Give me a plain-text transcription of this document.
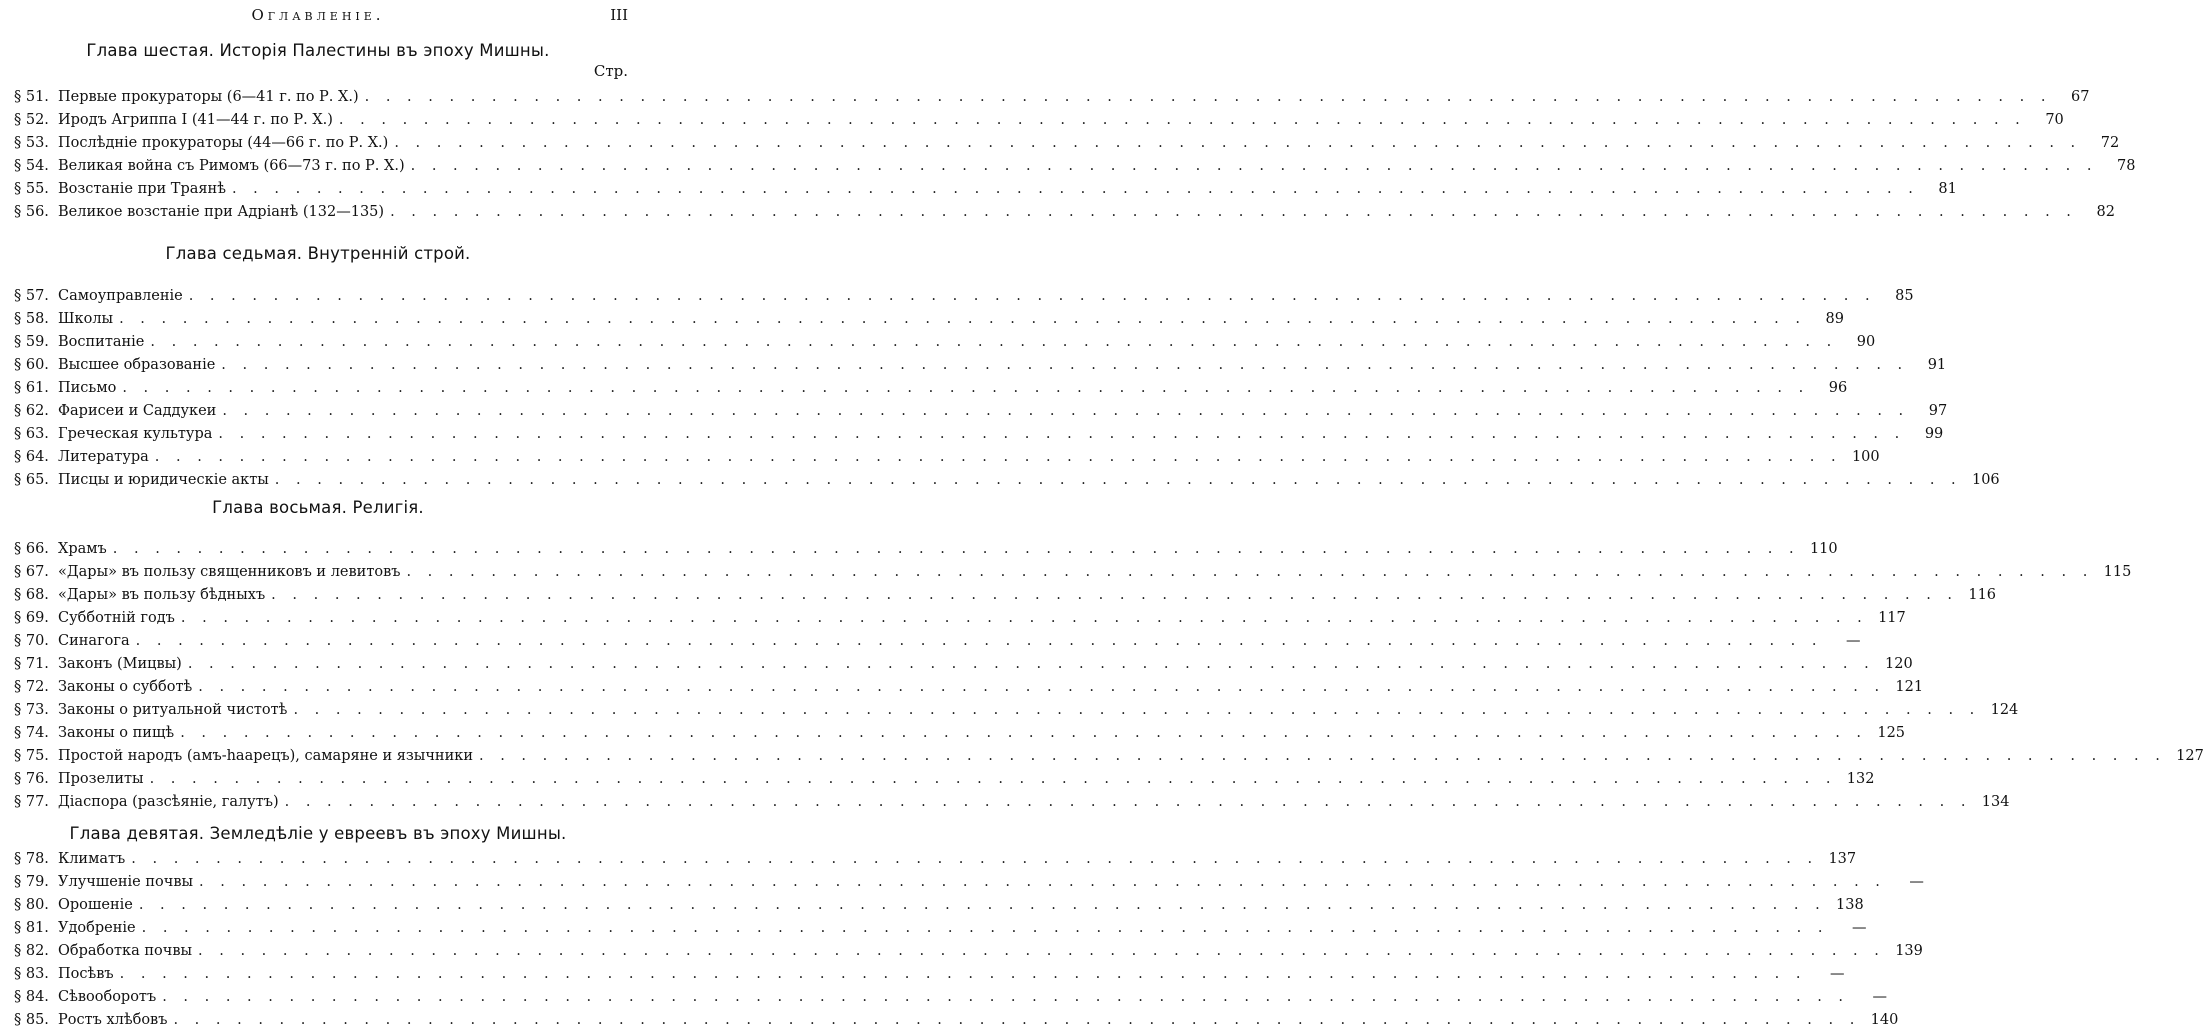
Оглавленiе.	III
Стр.
Глава шестая. Исторiя Палестины въ эпоху Мишны.
§ 51. Первые прокураторы (6—41 г. по Р. X.) . . . . . . . . . . . . . . . . . . . . . . . . . . . . . . . . . . . . . . . . . . . . . . . . . . . . . . . . . . . . . . . . . . . . . . . . . . . . . . . .	67
§ 52. Иродъ Агриппа I (41—44 г. по Р. X.) . . . . . . . . . . . . . . . . . . . . . . . . . . . . . . . . . . . . . . . . . . . . . . . . . . . . . . . . . . . . . . . . . . . . . . . . . . . . . . . .	70
§ 53. Послѣднiе прокураторы (44—66 г. по Р. X.) . . . . . . . . . . . . . . . . . . . . . . . . . . . . . . . . . . . . . . . . . . . . . . . . . . . . . . . . . . . . . . . . . . . . . . . . . . . . . . . .	72
§ 54. Великая война съ Римомъ (66—73 г. по Р. X.) . . . . . . . . . . . . . . . . . . . . . . . . . . . . . . . . . . . . . . . . . . . . . . . . . . . . . . . . . . . . . . . . . . . . . . . . . . . . . . . .	78
§ 55. Возстанiе при Траянѣ . . . . . . . . . . . . . . . . . . . . . . . . . . . . . . . . . . . . . . . . . . . . . . . . . . . . . . . . . . . . . . . . . . . . . . . . . . . . . . . .	81
§ 56. Великое возстанiе при Адрiанѣ (132—135) . . . . . . . . . . . . . . . . . . . . . . . . . . . . . . . . . . . . . . . . . . . . . . . . . . . . . . . . . . . . . . . . . . . . . . . . . . . . . . . .	82
Глава седьмая. Внутреннiй строй.
§ 57. Самоуправленiе . . . . . . . . . . . . . . . . . . . . . . . . . . . . . . . . . . . . . . . . . . . . . . . . . . . . . . . . . . . . . . . . . . . . . . . . . . . . . . . .	85
§ 58. Школы . . . . . . . . . . . . . . . . . . . . . . . . . . . . . . . . . . . . . . . . . . . . . . . . . . . . . . . . . . . . . . . . . . . . . . . . . . . . . . . .	89
§ 59. Воспитанiе . . . . . . . . . . . . . . . . . . . . . . . . . . . . . . . . . . . . . . . . . . . . . . . . . . . . . . . . . . . . . . . . . . . . . . . . . . . . . . . .	90
§ 60. Высшее образованiе . . . . . . . . . . . . . . . . . . . . . . . . . . . . . . . . . . . . . . . . . . . . . . . . . . . . . . . . . . . . . . . . . . . . . . . . . . . . . . . .	91
§ 61. Письмо . . . . . . . . . . . . . . . . . . . . . . . . . . . . . . . . . . . . . . . . . . . . . . . . . . . . . . . . . . . . . . . . . . . . . . . . . . . . . . . .	96
§ 62. Фарисеи и Саддукеи . . . . . . . . . . . . . . . . . . . . . . . . . . . . . . . . . . . . . . . . . . . . . . . . . . . . . . . . . . . . . . . . . . . . . . . . . . . . . . . .	97
§ 63. Греческая культура . . . . . . . . . . . . . . . . . . . . . . . . . . . . . . . . . . . . . . . . . . . . . . . . . . . . . . . . . . . . . . . . . . . . . . . . . . . . . . . .	99
§ 64. Литература . . . . . . . . . . . . . . . . . . . . . . . . . . . . . . . . . . . . . . . . . . . . . . . . . . . . . . . . . . . . . . . . . . . . . . . . . . . . . . . . 100
§ 65. Писцы и юридическiе акты . . . . . . . . . . . . . . . . . . . . . . . . . . . . . . . . . . . . . . . . . . . . . . . . . . . . . . . . . . . . . . . . . . . . . . . . . . . . . . . . 106
Глава восьмая. Религiя.
§ 66. Храмъ . . . . . . . . . . . . . . . . . . . . . . . . . . . . . . . . . . . . . . . . . . . . . . . . . . . . . . . . . . . . . . . . . . . . . . . . . . . . . . . . 110
§ 67. «Дары» въ пользу священниковъ и левитовъ . . . . . . . . . . . . . . . . . . . . . . . . . . . . . . . . . . . . . . . . . . . . . . . . . . . . . . . . . . . . . . . . . . . . . . . . . . . . . . . . 115
§ 68. «Дары» въ пользу бѣдныхъ . . . . . . . . . . . . . . . . . . . . . . . . . . . . . . . . . . . . . . . . . . . . . . . . . . . . . . . . . . . . . . . . . . . . . . . . . . . . . . . . 116
§ 69. Субботнiй годъ . . . . . . . . . . . . . . . . . . . . . . . . . . . . . . . . . . . . . . . . . . . . . . . . . . . . . . . . . . . . . . . . . . . . . . . . . . . . . . . . 117
§ 70. Синагога . . . . . . . . . . . . . . . . . . . . . . . . . . . . . . . . . . . . . . . . . . . . . . . . . . . . . . . . . . . . . . . . . . . . . . . . . . . . . . . .	—
§ 71. Законъ (Мицвы) . . . . . . . . . . . . . . . . . . . . . . . . . . . . . . . . . . . . . . . . . . . . . . . . . . . . . . . . . . . . . . . . . . . . . . . . . . . . . . . . 120
§ 72. Законы о субботѣ . . . . . . . . . . . . . . . . . . . . . . . . . . . . . . . . . . . . . . . . . . . . . . . . . . . . . . . . . . . . . . . . . . . . . . . . . . . . . . . . 121
§ 73. Законы о ритуальной чистотѣ . . . . . . . . . . . . . . . . . . . . . . . . . . . . . . . . . . . . . . . . . . . . . . . . . . . . . . . . . . . . . . . . . . . . . . . . . . . . . . . . 124
§ 74. Законы о пищѣ . . . . . . . . . . . . . . . . . . . . . . . . . . . . . . . . . . . . . . . . . . . . . . . . . . . . . . . . . . . . . . . . . . . . . . . . . . . . . . . . 125
§ 75. Простой народъ (амъ-hаарецъ), самаряне и язычники . . . . . . . . . . . . . . . . . . . . . . . . . . . . . . . . . . . . . . . . . . . . . . . . . . . . . . . . . . . . . . . . . . . . . . . . . . . . . . . . 127
§ 76. Прозелиты . . . . . . . . . . . . . . . . . . . . . . . . . . . . . . . . . . . . . . . . . . . . . . . . . . . . . . . . . . . . . . . . . . . . . . . . . . . . . . . . 132
§ 77. Дiаспора (разсѣянiе, галутъ) . . . . . . . . . . . . . . . . . . . . . . . . . . . . . . . . . . . . . . . . . . . . . . . . . . . . . . . . . . . . . . . . . . . . . . . . . . . . . . . . 134
Глава девятая. Земледѣлiе у евреевъ въ эпоху Мишны.
§ 78. Климатъ . . . . . . . . . . . . . . . . . . . . . . . . . . . . . . . . . . . . . . . . . . . . . . . . . . . . . . . . . . . . . . . . . . . . . . . . . . . . . . . . 137
§ 79. Улучшенiе почвы . . . . . . . . . . . . . . . . . . . . . . . . . . . . . . . . . . . . . . . . . . . . . . . . . . . . . . . . . . . . . . . . . . . . . . . . . . . . . . . .	—
§ 80. Орошенiе . . . . . . . . . . . . . . . . . . . . . . . . . . . . . . . . . . . . . . . . . . . . . . . . . . . . . . . . . . . . . . . . . . . . . . . . . . . . . . . . 138
§ 81. Удобренiе . . . . . . . . . . . . . . . . . . . . . . . . . . . . . . . . . . . . . . . . . . . . . . . . . . . . . . . . . . . . . . . . . . . . . . . . . . . . . . . .	—
§ 82. Обработка почвы . . . . . . . . . . . . . . . . . . . . . . . . . . . . . . . . . . . . . . . . . . . . . . . . . . . . . . . . . . . . . . . . . . . . . . . . . . . . . . . . 139
§ 83. Посѣвъ . . . . . . . . . . . . . . . . . . . . . . . . . . . . . . . . . . . . . . . . . . . . . . . . . . . . . . . . . . . . . . . . . . . . . . . . . . . . . . . .	—
§ 84. Сѣвооборотъ . . . . . . . . . . . . . . . . . . . . . . . . . . . . . . . . . . . . . . . . . . . . . . . . . . . . . . . . . . . . . . . . . . . . . . . . . . . . . . . .	—
§ 85. Ростъ хлѣбовъ . . . . . . . . . . . . . . . . . . . . . . . . . . . . . . . . . . . . . . . . . . . . . . . . . . . . . . . . . . . . . . . . . . . . . . . . . . . . . . . . 140
